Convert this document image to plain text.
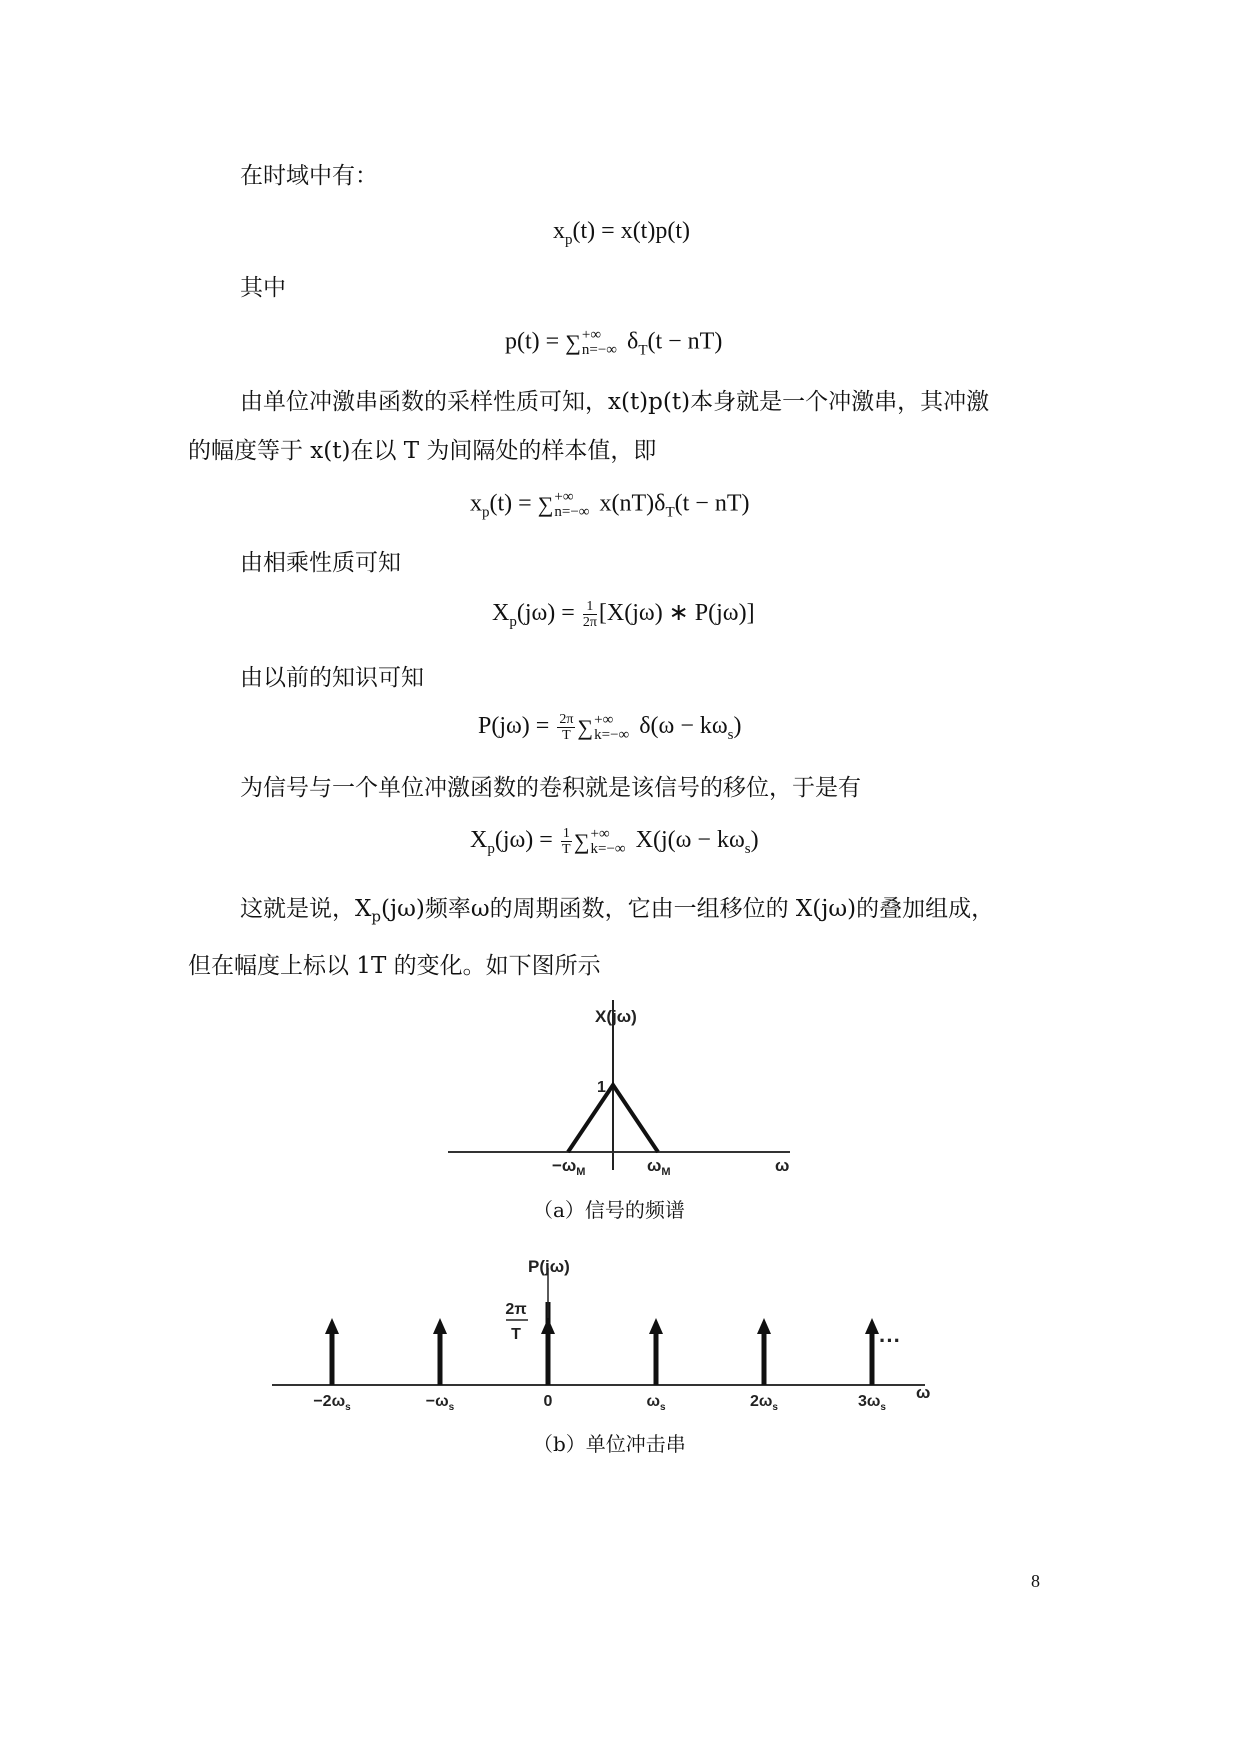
在时域中有：
$x_p(t) = x(t)p(t)$
其中
p(t) = ∑ +∞
n=−∞ $\delta_T(t - nT)$
由单位冲激串函数的采样性质可知，x(t)p(t)本身就是一个冲激串，其冲激
的幅度等于 x(t)在以 T 为间隔处的样本值，即
$x_p(t)$ = ∑ +∞
n=−∞ $x(nT)\delta_T(t - nT)$
由相乘性质可知
$X_p(j\omega) = \frac{1}{2\pi} [X(j\omega)$ ∗ P(jω)]
由以前的知识可知
$P(j\omega) = \frac{2\pi}{T}$ ∑ +∞
k=−∞ $\delta(\omega - k\omega_s)$
为信号与一个单位冲激函数的卷积就是该信号的移位，于是有
$X_p(j\omega) = \frac{1}{T}$ ∑ +∞
k=−∞ $X(j(\omega - k\omega_s)$
这就是说，$X_p(j\omega)$频率ω的周期函数，它由一组移位的 X(jω)的叠加组成，
但在幅度上标以 1T 的变化。如下图所示
X(jω)
1
$-\omega_M$	$\omega_M$	ω
（a）信号的频谱
$-2\omega_s$	$-\omega_s$	0	$\omega_s$	$2\omega_s$	$3\omega_s$
P(jω)
2π
T	···
ω
（b）单位冲击串
8
